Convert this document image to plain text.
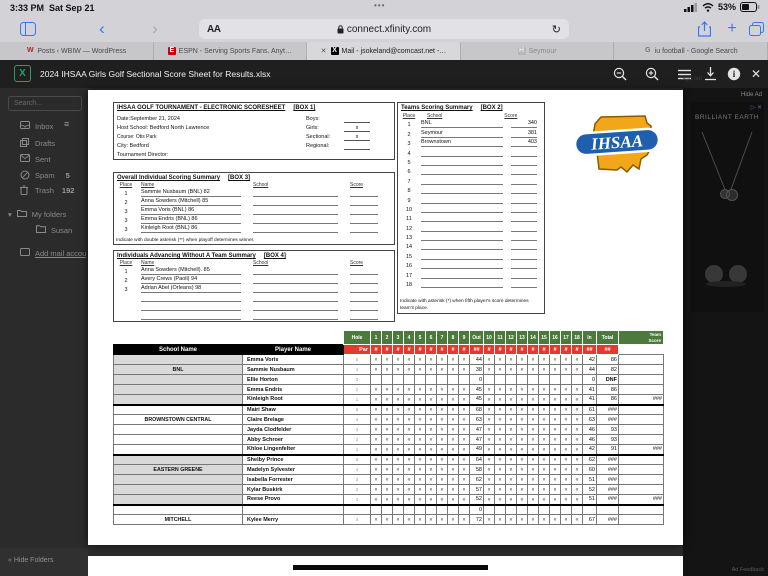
3:33 PM Sat Sep 21	•••	53%
‹	›	AA	connect.xfinity.com	↻	+
W Posts ‹ WBIW — WordPress	E ESPN - Serving Sports Fans. Anyt…	✕ X Mail - jsokeland@comcast.net -…	H Seymour	G iu football - Google Search
X	2024 IHSAA Girls Golf Sectional Score Sheet for Results.xlsx	i ✕
Sign out
Search...
Inbox ≡
Drafts
Sent
Spam 5
Trash 192
▾	My folders
Susan
Add mail accou
Hide Ad
▷ ✕
BRILLIANT EARTH
Ad Feedback
« Hide Folders
IHSAA GOLF TOURNAMENT - ELECTRONIC SCORESHEET [BOX 1]
Date:September 21, 2024
Host School: Bedford North Lawrence
Course: Otis Park
City: Bedford
Tournament Director:
Boys:
Girls:	x
Sectional:	x
Regional:
Teams Scoring Summary [BOX 2]
Place	School	Score
1	BNL	340
2	Seymour	381
3	Brownstown	403
4
5
6
7
8
9
10
11
12
13
14
15
16
17
18
Indicate with asterisk (*) when fifth player's score determines team's place.
IHSAA
Overall Individual Scoring Summary [BOX 3]
Place	Name	School	Score
1	Sammie Nusbaum (BNL) 82
2	Anna Sowders (Mitchell) 85
3	Emma Voris (BNL) 86
3	Emma Endris (BNL) 86
3	Kinleigh Root (BNL) 86
Indicate with double asterisk (**) when playoff determines winner.
Individuals Advancing Without A Team Summary [BOX 4]
Place	Name	School	Score
1	Anna Sowders (Mitchell). 85
2	Avery Crews (Paoli) 94
3	Adrian Abel (Orleans) 98
		Hole	1	2	3	4	5	6	7	8	9	Out	10	11	12	13	14	15	16	17	18	In	Total	Team
Score

School Name	Player Name	Par	#	#	#	#	#	#	#	#	#	##	#	#	#	#	#	#	#	#	#	##	##	
	Emma Voris	5	#	#	#	#	#	#	#	#	#	44	#	#	#	#	#	#	#	#	#	42	86	
BNL	Sammie Nusbaum	4	#	#	#	#	#	#	#	#	#	38	#	#	#	#	#	#	#	#	#	44	82	
	Ellie Horton	3										0										0	DNF	
	Emma Endris	2	#	#	#	#	#	#	#	#	#	45	#	#	#	#	#	#	#	#	#	41	86	
	Kinleigh Root	1	#	#	#	#	#	#	#	#	#	45	#	#	#	#	#	#	#	#	#	41	86	###
	Mairi Shaw	5	#	#	#	#	#	#	#	#	#	68	#	#	#	#	#	#	#	#	#	61	###	
BROWNSTOWN CENTRAL	Claire Brelage	4	#	#	#	#	#	#	#	#	#	63	#	#	#	#	#	#	#	#	#	63	###	
	Jayda Clodfelder	3	#	#	#	#	#	#	#	#	#	47	#	#	#	#	#	#	#	#	#	46	93	
	Abby Schroer	2	#	#	#	#	#	#	#	#	#	47	#	#	#	#	#	#	#	#	#	46	93	
	Khloe Lingenfelter	1	#	#	#	#	#	#	#	#	#	49	#	#	#	#	#	#	#	#	#	42	91	###
	Shelby Prince	5	#	#	#	#	#	#	#	#	#	64	#	#	#	#	#	#	#	#	#	62	###	
EASTERN GREENE	Madelyn Sylvester	4	#	#	#	#	#	#	#	#	#	58	#	#	#	#	#	#	#	#	#	60	###	
	Isabella Forrester	3	#	#	#	#	#	#	#	#	#	62	#	#	#	#	#	#	#	#	#	51	###	
	Kylar Buskirk	2	#	#	#	#	#	#	#	#	#	57	#	#	#	#	#	#	#	#	#	52	###	
	Reese Provo	1	#	#	#	#	#	#	#	#	#	52	#	#	#	#	#	#	#	#	#	51	###	###
												0												
MITCHELL	Kylee Merry	4	#	#	#	#	#	#	#	#	#	72	#	#	#	#	#	#	#	#	#	67	###	
